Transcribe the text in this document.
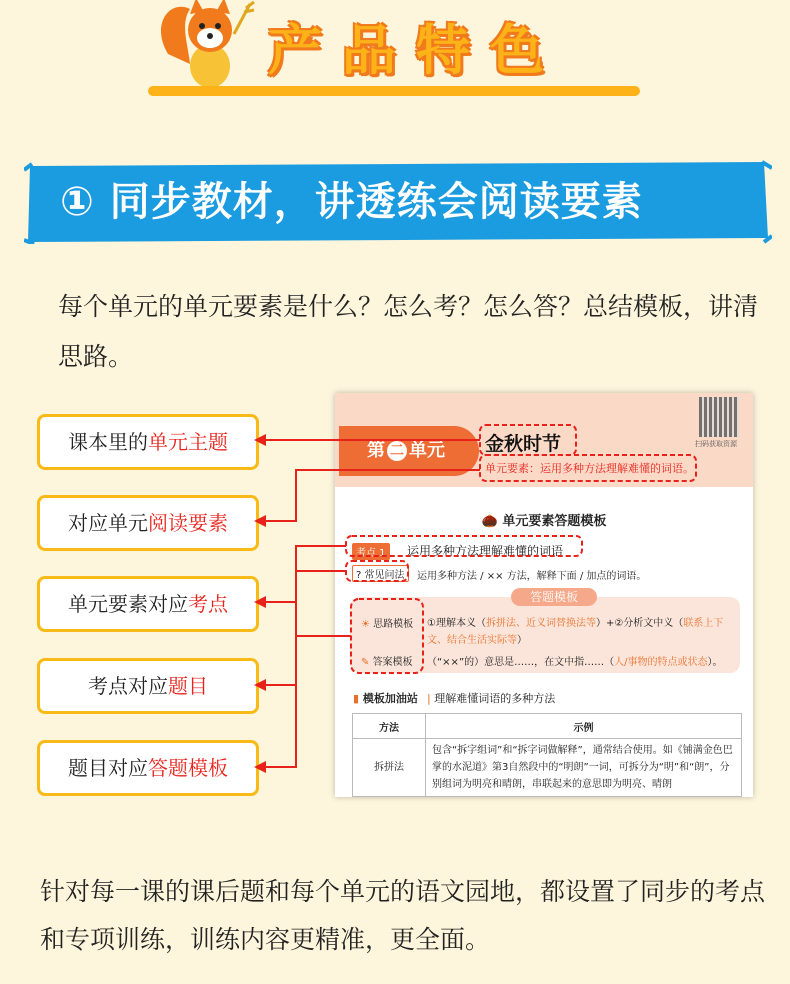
产品特色
① 同步教材，讲透练会阅读要素
每个单元的单元要素是什么？怎么考？怎么答？总结模板，讲清思路。
课本里的单元主题
对应单元阅读要素
单元要素对应考点
考点对应题目
题目对应答题模板
第 二 单元	扫码获取资源
金秋时节
单元要素：运用多种方法理解难懂的词语。
🌰 单元要素答题模板
考点 1	运用多种方法理解难懂的词语
? 常见问法	运用多种方法 / ×× 方法，解释下面 / 加点的词语。
答题模板
☀ 思路模板 ①理解本义（拆拼法、近义词替换法等）+②分析文中义（联系上下文、结合生活实际等）
✎ 答案模板 （“××”的）意思是……，在文中指……（人/事物的特点或状态）。
▮ 模板加油站 | 理解难懂词语的多种方法
方法	示例
拆拼法	包含“拆字组词”和“拆字词做解释”，通常结合使用。如《铺满金色巴掌的水泥道》第3自然段中的“明朗”一词，可拆分为“明”和“朗”，分别组词为明亮和晴朗，串联起来的意思即为明亮、晴朗
针对每一课的课后题和每个单元的语文园地，都设置了同步的考点和专项训练，训练内容更精准，更全面。
